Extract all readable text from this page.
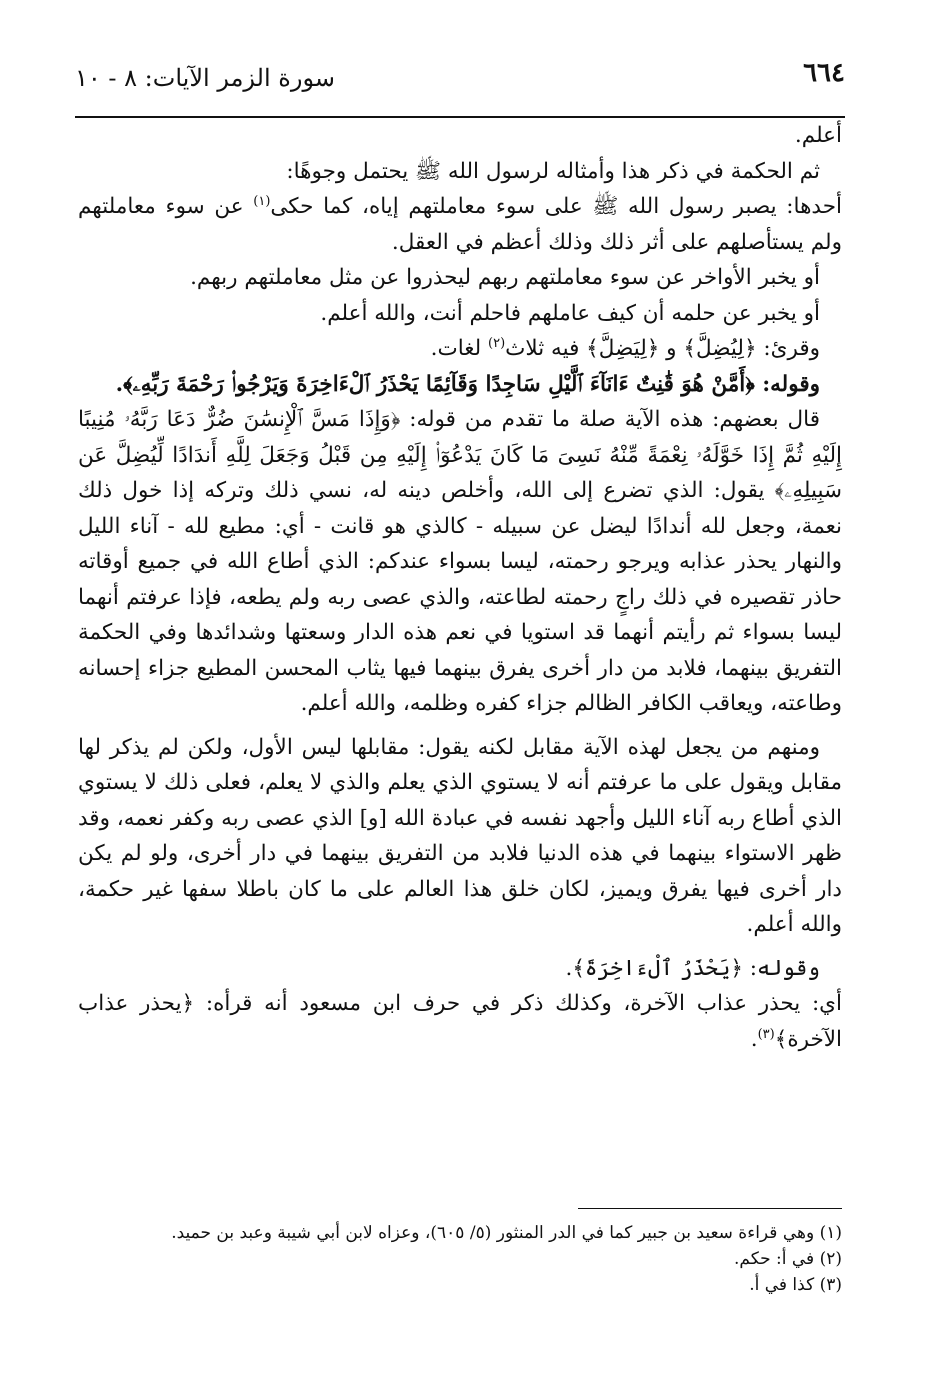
٦٦٤
سورة الزمر الآيات: ٨ - ١٠

أعلم.

ثم الحكمة في ذكر هذا وأمثاله لرسول الله ﷺ يحتمل وجوهًا:

أحدها: يصبر رسول الله ﷺ على سوء معاملتهم إياه، كما حكى$^{(١)}$ عن سوء معاملتهم ولم يستأصلهم على أثر ذلك وذلك أعظم في العقل.

أو يخبر الأواخر عن سوء معاملتهم ربهم ليحذروا عن مثل معاملتهم ربهم.

أو يخبر عن حلمه أن كيف عاملهم فاحلم أنت، والله أعلم.

وقرئ: ﴿لِيُضِلَّ﴾ و ﴿لِيَضِلَّ﴾ فيه ثلاث$^{(٢)}$ لغات.

وقوله: ﴿أَمَّنْ هُوَ قَٰنِتٌ ءَانَآءَ ٱلَّيْلِ سَاجِدًا وَقَآئِمًا يَحْذَرُ ٱلْءَاخِرَةَ وَيَرْجُوا۟ رَحْمَةَ رَبِّهِۦ﴾.

قال بعضهم: هذه الآية صلة ما تقدم من قوله: ﴿وَإِذَا مَسَّ ٱلْإِنسَٰنَ ضُرٌّ دَعَا رَبَّهُۥ مُنِيبًا إِلَيْهِ ثُمَّ إِذَا خَوَّلَهُۥ نِعْمَةً مِّنْهُ نَسِىَ مَا كَانَ يَدْعُوٓا۟ إِلَيْهِ مِن قَبْلُ وَجَعَلَ لِلَّهِ أَندَادًا لِّيُضِلَّ عَن سَبِيلِهِۦ﴾ يقول: الذي تضرع إلى الله، وأخلص دينه له، نسي ذلك وتركه إذا خول ذلك نعمة، وجعل لله أندادًا ليضل عن سبيله - كالذي هو قانت - أي: مطيع لله - آناء الليل والنهار يحذر عذابه ويرجو رحمته، ليسا بسواء عندكم: الذي أطاع الله في جميع أوقاته حاذر تقصيره في ذلك راجٍ رحمته لطاعته، والذي عصى ربه ولم يطعه، فإذا عرفتم أنهما ليسا بسواء ثم رأيتم أنهما قد استويا في نعم هذه الدار وسعتها وشدائدها وفي الحكمة التفريق بينهما، فلابد من دار أخرى يفرق بينهما فيها يثاب المحسن المطيع جزاء إحسانه وطاعته، ويعاقب الكافر الظالم جزاء كفره وظلمه، والله أعلم.

ومنهم من يجعل لهذه الآية مقابل لكنه يقول: مقابلها ليس الأول، ولكن لم يذكر لها مقابل ويقول على ما عرفتم أنه لا يستوي الذي يعلم والذي لا يعلم، فعلى ذلك لا يستوي الذي أطاع ربه آناء الليل وأجهد نفسه في عبادة الله [و] الذي عصى ربه وكفر نعمه، وقد ظهر الاستواء بينهما في هذه الدنيا فلابد من التفريق بينهما في دار أخرى، ولو لم يكن دار أخرى فيها يفرق ويميز، لكان خلق هذا العالم على ما كان باطلا سفها غير حكمة، والله أعلم.

وقوله: ﴿يَحْذَرُ ٱلْءَاخِرَةَ﴾.

أي: يحذر عذاب الآخرة، وكذلك ذكر في حرف ابن مسعود أنه قرأه: ﴿يحذر عذاب الآخرة﴾$^{(٣)}$.

(١) وهي قراءة سعيد بن جبير كما في الدر المنثور (٥/ ٦٠٥)، وعزاه لابن أبي شيبة وعبد بن حميد.

(٢) في أ: حكم.

(٣) كذا في أ.
